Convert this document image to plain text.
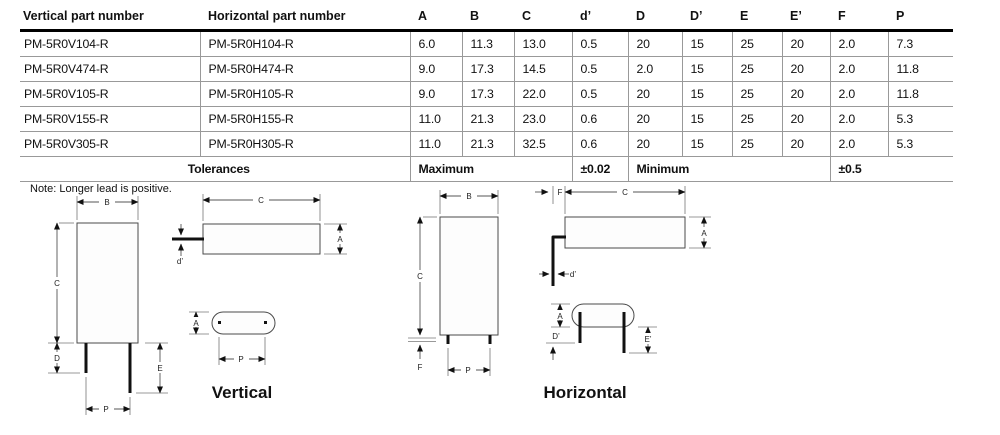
Vertical part number	Horizontal part number	A	B	C	d’	D	D’	E	E’	F	P
PM-5R0V104-R	PM-5R0H104-R	6.0	11.3	13.0	0.5	20	15	25	20	2.0	7.3
PM-5R0V474-R	PM-5R0H474-R	9.0	17.3	14.5	0.5	2.0	15	25	20	2.0	11.8
PM-5R0V105-R	PM-5R0H105-R	9.0	17.3	22.0	0.5	20	15	25	20	2.0	11.8
PM-5R0V155-R	PM-5R0H155-R	11.0	21.3	23.0	0.6	20	15	25	20	2.0	5.3
PM-5R0V305-R	PM-5R0H305-R	11.0	21.3	32.5	0.6	20	15	25	20	2.0	5.3
Tolerances		Maximum			±0.02	Minimum				±0.5	
Note: Longer lead is positive.
B
C
D
E
P
C
d’
A
A
P
Vertical
B
C
F	P
F	C
d’
A
A
D’	E’
Horizontal
